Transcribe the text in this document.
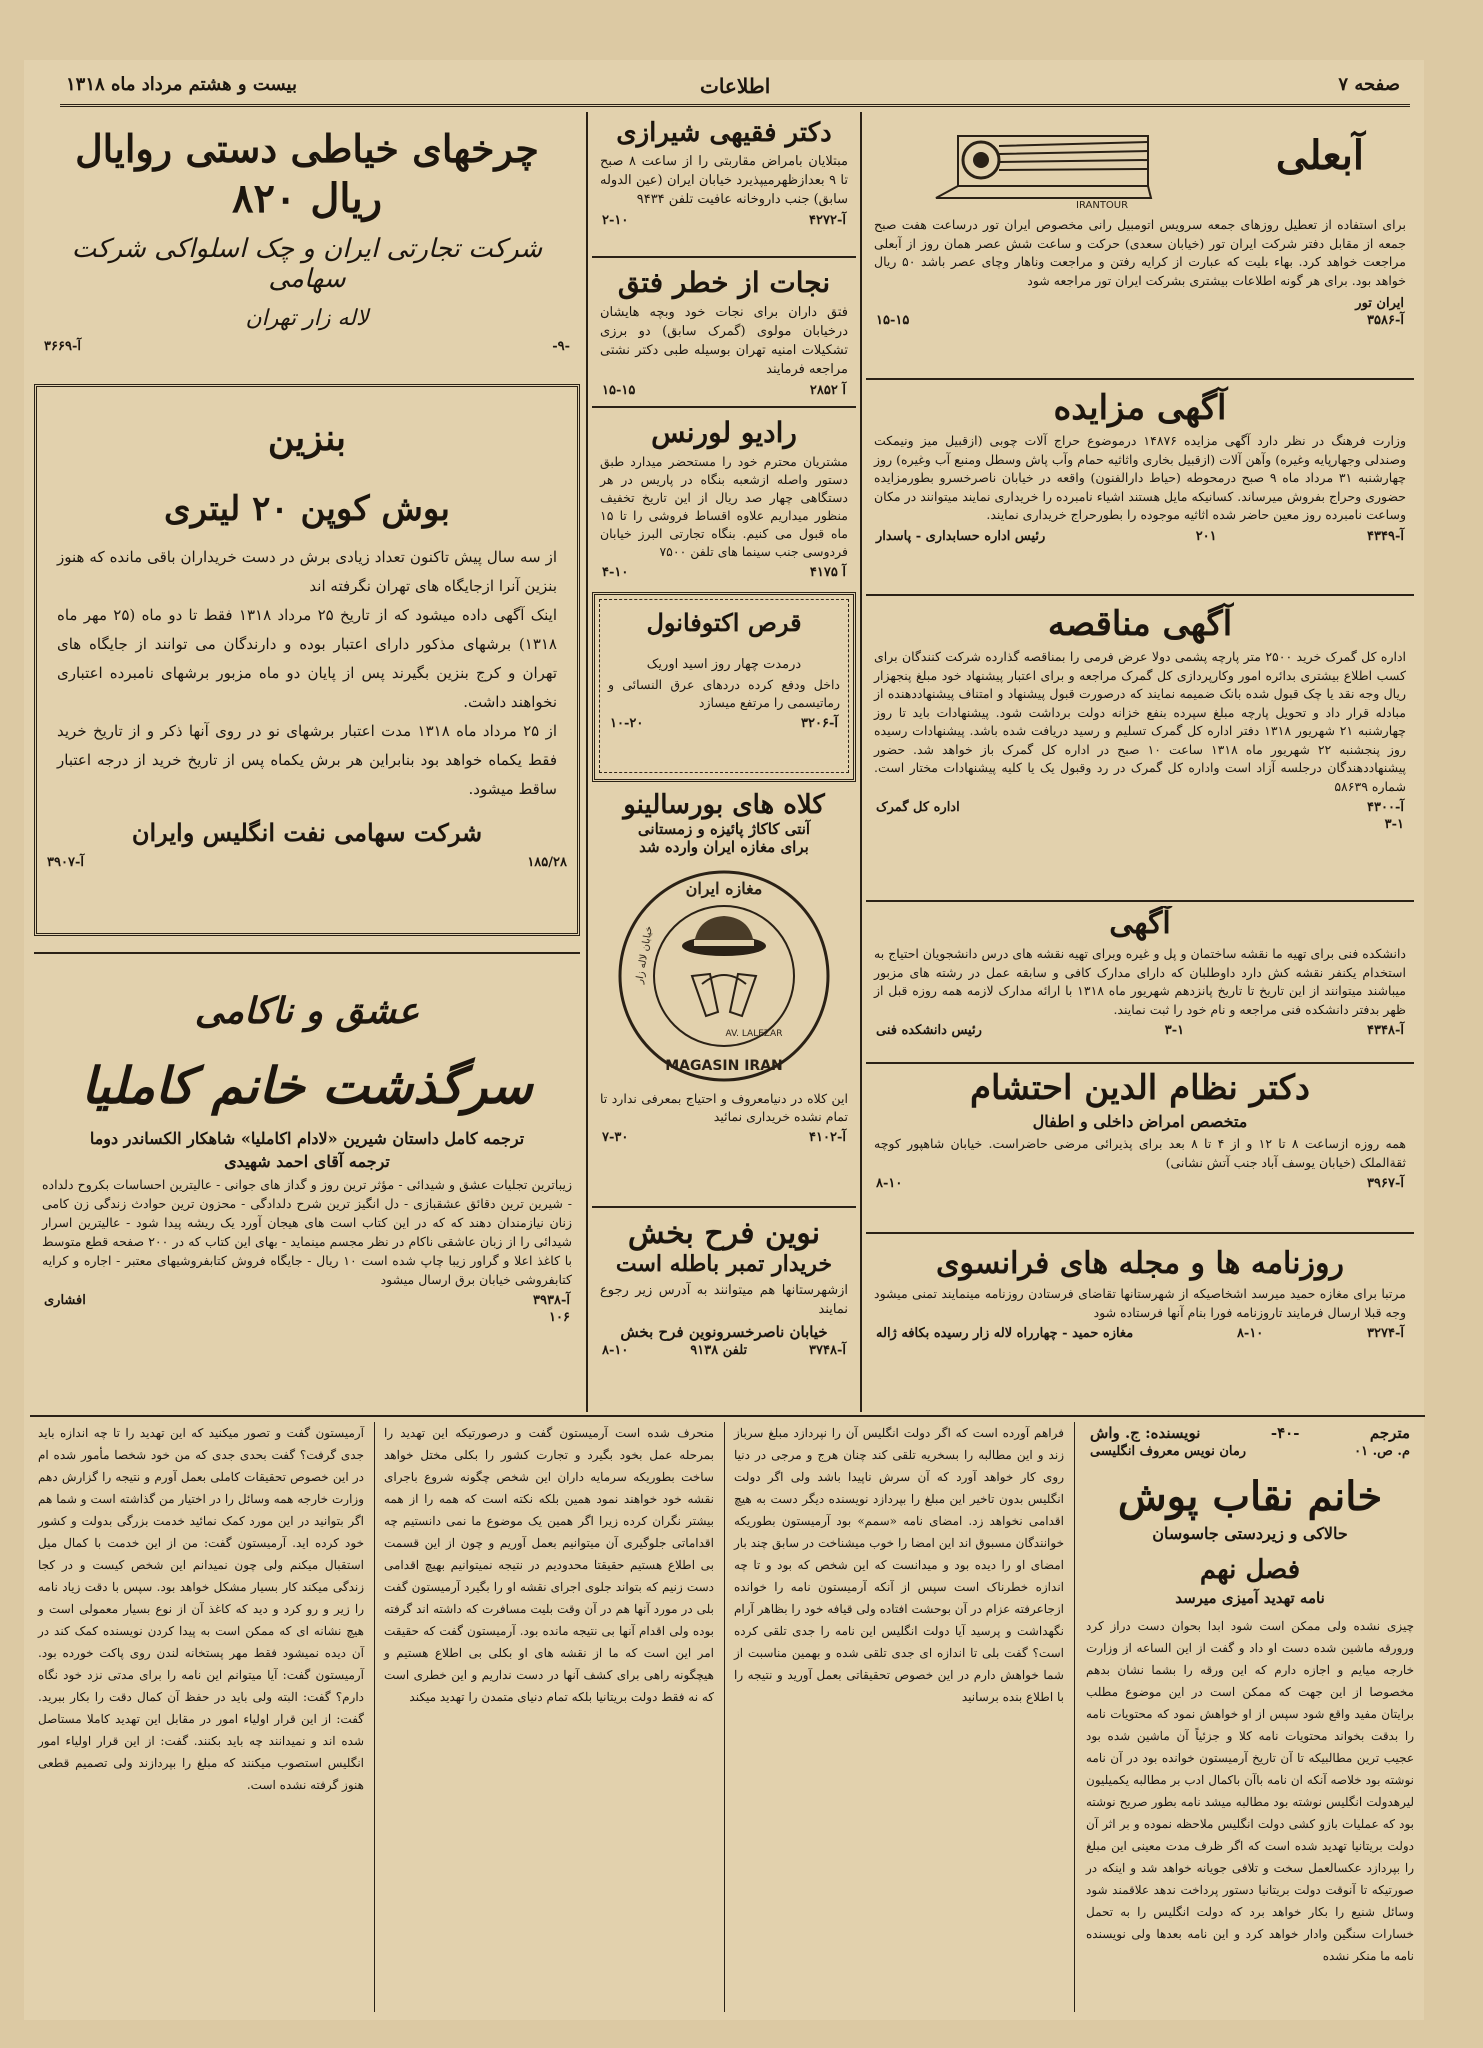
صفحه ۷
اطلاعات
بیست و هشتم مرداد ماه ۱۳۱۸
IRANTOUR
آبعلی

برای استفاده از تعطیل روزهای جمعه سرویس اتومبیل رانی مخصوص ایران تور درساعت هفت صبح جمعه از مقابل دفتر شرکت ایران تور (خیابان سعدی) حرکت و ساعت شش عصر همان روز از آبعلی مراجعت خواهد کرد. بهاء بلیت که عبارت از کرایه رفتن و مراجعت وناهار وچای عصر باشد ۵۰ ریال خواهد بود. برای هر گونه اطلاعات بیشتری بشرکت ایران تور مراجعه شود

ایران تور
آ-۳۵۸۶
۱۵-۱۵
آگهی مزایده

وزارت فرهنگ در نظر دارد آگهی مزایده ۱۴۸۷۶ درموضوع حراج آلات چوبی (ازقبیل میز ونیمکت وصندلی وجهارپایه وغیره) وآهن آلات (ازقبیل بخاری واثاثیه حمام وآب پاش وسطل ومنبع آب وغیره) روز چهارشنبه ۳۱ مرداد ماه ۹ صبح درمحوطه (حیاط دارالفنون) واقعه در خیابان ناصرخسرو بطورمزایده حضوری وحراج بفروش میرساند. کسانیکه مایل هستند اشیاء نامبرده را خریداری نمایند میتوانند در مکان وساعت نامبرده روز معین حاضر شده اثاثیه موجوده را بطورحراج خریداری نمایند.

آ-۴۳۴۹
۲۰۱
رئیس اداره حسابداری - پاسدار
آگهی مناقصه

اداره کل گمرک خرید ۲۵۰۰ متر پارچه پشمی دولا عرض فرمی را بمناقصه گذارده شرکت کنندگان برای کسب اطلاع بیشتری بدائره امور وکارپردازی کل گمرک مراجعه و برای اعتبار پیشنهاد خود مبلغ پنجهزار ریال وجه نقد یا چک قبول شده بانک ضمیمه نمایند که درصورت قبول پیشنهاد و امتناف پیشنهاددهنده از مبادله قرار داد و تحویل پارچه مبلغ سپرده بنفع خزانه دولت برداشت شود. پیشنهادات باید تا روز چهارشنبه ۲۱ شهریور ۱۳۱۸ دفتر اداره کل گمرک تسلیم و رسید دریافت شده باشد. پیشنهادات رسیده روز پنجشنبه ۲۲ شهریور ماه ۱۳۱۸ ساعت ۱۰ صبح در اداره کل گمرک باز خواهد شد. حضور پیشنهاددهندگان درجلسه آزاد است واداره کل گمرک در رد وقبول یک یا کلیه پیشنهادات مختار است. شماره ۵۸۶۳۹

آ-۴۳۰۰
اداره کل گمرک
۳-۱
آگهی

دانشکده فنی برای تهیه ما نقشه ساختمان و پل و غیره وبرای تهیه نقشه های درس دانشجویان احتیاج به استخدام یکنفر نقشه کش دارد داوطلبان که دارای مدارک کافی و سابقه عمل در رشته های مزبور میباشند میتوانند از این تاریخ تا تاریخ پانزدهم شهریور ماه ۱۳۱۸ با ارائه مدارک لازمه همه روزه قبل از ظهر بدفتر دانشکده فنی مراجعه و نام خود را ثبت نمایند.

آ-۴۳۴۸
۳-۱
رئیس دانشکده فنی
دکتر نظام الدین احتشام
متخصص امراض داخلی و اطفال

همه روزه ازساعت ۸ تا ۱۲ و از ۴ تا ۸ بعد برای پذیرائی مرضی حاضراست. خیابان شاهپور کوچه ثقةالملک (خیابان یوسف آباد جنب آتش نشانی)

آ-۳۹۶۷
۸-۱۰
روزنامه ها و مجله های فرانسوی

مرتبا برای مغازه حمید میرسد اشخاصیکه از شهرستانها تقاضای فرستادن روزنامه مینمایند تمنی میشود وجه قبلا ارسال فرمایند تاروزنامه فورا بنام آنها فرستاده شود

آ-۳۲۷۴
۸-۱۰
مغازه حمید - چهارراه لاله زار رسیده بکافه ژاله
دکتر فقیهی شیرازی

مبتلایان بامراض مقاربتی را از ساعت ۸ صبح تا ۹ بعدازظهرمیپذیرد خیابان ایران (عین الدوله سابق) جنب داروخانه عافیت تلفن ۹۴۳۴

آ-۴۲۷۲
۲-۱۰
نجات از خطر فتق

فتق داران برای نجات خود وبچه هایشان درخیابان مولوی (گمرک سابق) دو برزی تشکیلات امنیه تهران بوسیله طبی دکتر نشتی مراجعه فرمایند

آ ۲۸۵۲
۱۵-۱۵
رادیو لورنس

مشتریان محترم خود را مستحضر میدارد طبق دستور واصله ازشعبه بنگاه در پاریس در هر دستگاهی چهار صد ریال از این تاریخ تخفیف منظور میداریم علاوه اقساط فروشی را تا ۱۵ ماه قبول می کنیم. بنگاه تجارتی البرز خیابان فردوسی جنب سینما های تلفن ۷۵۰۰

آ ۴۱۷۵
۴-۱۰
قرص اکتوفانول
درمدت چهار روز اسید اوریک

داخل ودفع کرده دردهای عرق النسائی و رماتیسمی را مرتفع میسازد

آ-۳۲۰۶
۱۰-۲۰
کلاه های بورسالینو
آنتی کاکاژ پائیزه و زمستانی
برای مغازه ایران وارده شد
مغازه ایران
MAGASIN IRAN
AV. LALEZAR
خیابان لاله زار

این کلاه در دنیامعروف و احتیاج بمعرفی ندارد تا تمام نشده خریداری نمائید

آ-۴۱۰۲
۷-۳۰
نوین فرح بخش
خریدار تمبر باطله است

ازشهرستانها هم میتوانند به آدرس زیر رجوع نمایند

خیابان ناصرخسرونوین فرح بخش
آ-۳۷۴۸
تلفن ۹۱۳۸
۸-۱۰
چرخهای خیاطی دستی روایال
۸۲۰ ریال
شرکت تجارتی ایران و چک اسلواکی شرکت سهامی
لاله زار تهران
-۹-
آ-۳۶۶۹
بنزین
بوش کوپن ۲۰ لیتری

از سه سال پیش تاکنون تعداد زیادی برش در دست خریداران باقی مانده که هنوز بنزین آنرا ازجایگاه های تهران نگرفته اند

اینک آگهی داده میشود که از تاریخ ۲۵ مرداد ۱۳۱۸ فقط تا دو ماه (۲۵ مهر ماه ۱۳۱۸) برشهای مذکور دارای اعتبار بوده و دارندگان می توانند از جایگاه های تهران و کرج بنزین بگیرند پس از پایان دو ماه مزبور برشهای نامبرده اعتباری نخواهند داشت.

از ۲۵ مرداد ماه ۱۳۱۸ مدت اعتبار برشهای نو در روی آنها ذکر و از تاریخ خرید فقط یکماه خواهد بود بنابراین هر برش یکماه پس از تاریخ خرید از درجه اعتبار ساقط میشود.

شرکت سهامی نفت انگلیس وایران
۱۸۵/۲۸
آ-۳۹۰۷
عشق و ناکامی
سرگذشت خانم کاملیا
ترجمه کامل داستان شیرین «لادام اکاملیا» شاهکار الکساندر دوما
ترجمه آقای احمد شهیدی

زیباترین تجلیات عشق و شیدائی - مؤثر ترین روز و گداز های جوانی - عالیترین احساسات بکروح دلداده - شیرین ترین دقائق عشقبازی - دل انگیز ترین شرح دلدادگی - محزون ترین حوادث زندگی زن کامی زنان نیازمندان دهند که که در این کتاب است های هیجان آورد یک ریشه پیدا شود - عالیترین اسرار شیدائی را از زبان عاشقی ناکام در نظر مجسم مینماید - بهای این کتاب که در ۲۰۰ صفحه قطع متوسط با کاغذ اعلا و گراور زیبا چاپ شده است ۱۰ ریال - جایگاه فروش کتابفروشیهای معتبر - اجاره و کرایه کتابفروشی خیابان برق ارسال میشود

آ-۳۹۳۸
افشاری
۱۰۶
مترجم
-۴۰-
نویسنده: ج. واش
م. ص. ۰۱
رمان نویس معروف انگلیسی
خانم نقاب پوش
حالاکی و زیردستی جاسوسان
فصل نهم
نامه تهدید آمیزی میرسد

چیزی نشده ولی ممکن است شود ابدا بحوان دست دراز کرد ورورقه ماشین شده دست او داد و گفت از این الساعه از وزارت خارجه میایم و اجازه دارم که این ورقه را بشما نشان بدهم مخصوصا از این جهت که ممکن است در این موضوع مطلب برایتان مفید واقع شود سپس از او خواهش نمود که محتویات نامه را بدقت بخواند محتویات نامه کلا و جزئیاً آن ماشین شده بود عجیب ترین مطالبیکه تا آن تاریخ آرمیستون خوانده بود در آن نامه نوشته بود خلاصه آنکه ان نامه باآن باکمال ادب بر مطالبه یکمیلیون لیرهدولت انگلیس نوشته بود مطالبه میشد نامه بطور صریح نوشته بود که عملیات بازو کشی دولت انگلیس ملاحظه نموده و بر اثر آن دولت بریتانیا تهدید شده است که اگر ظرف مدت معینی این مبلغ را بپردازد عکسالعمل سخت و تلافی جویانه خواهد شد و اینکه در صورتیکه تا آنوقت دولت بریتانیا دستور پرداخت ندهد علاقمند شود وسائل شنیع را بکار خواهد برد که دولت انگلیس را به تحمل خسارات سنگین وادار خواهد کرد و این نامه بعدها ولی نویسنده نامه ما منکر نشده

فراهم آورده است که اگر دولت انگلیس آن را نپردازد مبلغ سرباز زند و این مطالبه را بسخریه تلقی کند چنان هرج و مرجی در دنیا روی کار خواهد آورد که آن سرش ناپیدا باشد ولی اگر دولت انگلیس بدون تاخیر این مبلغ را بپردازد نویسنده دیگر دست به هیچ اقدامی نخواهد زد. امضای نامه «سمم» بود آرمیستون بطوریکه خوانندگان مسبوق اند این امضا را خوب میشناخت در سابق چند بار امضای او را دیده بود و میدانست که این شخص که بود و تا چه اندازه خطرناک است سپس از آنکه آرمیستون نامه را خوانده ازجاعرفته عزام در آن بوحشت افتاده ولی قیافه خود را بظاهر آرام نگهداشت و پرسید آیا دولت انگلیس این نامه را جدی تلقی کرده است؟ گفت بلی تا اندازه ای جدی تلقی شده و بهمین مناسبت از شما خواهش دارم در این خصوص تحقیقاتی بعمل آورید و نتیجه را با اطلاع بنده برسانید

منحرف شده است آرمیستون گفت و درصورتیکه این تهدید را بمرحله عمل بخود بگیرد و تجارت کشور را بکلی مختل خواهد ساخت بطوریکه سرمایه داران این شخص چگونه شروع باجرای نقشه خود خواهند نمود همین بلکه نکته است که همه را از همه بیشتر نگران کرده زیرا اگر همین یک موضوع ما نمی دانستیم چه اقداماتی جلوگیری آن میتوانیم بعمل آوریم و چون از این قسمت بی اطلاع هستیم حقیقتا محدودیم در نتیجه نمیتوانیم بهیچ اقدامی دست زنیم که بتواند جلوی اجرای نقشه او را بگیرد آرمیستون گفت بلی در مورد آنها هم در آن وقت بلیت مسافرت که داشته اند گرفته بوده ولی اقدام آنها بی نتیجه مانده بود. آرمیستون گفت که حقیقت امر این است که ما از نقشه های او بکلی بی اطلاع هستیم و هیچگونه راهی برای کشف آنها در دست نداریم و این خطری است که نه فقط دولت بریتانیا بلکه تمام دنیای متمدن را تهدید میکند

آرمیستون گفت و تصور میکنید که این تهدید را تا چه اندازه باید جدی گرفت؟ گفت بحدی جدی که من خود شخصا مأمور شده ام در این خصوص تحقیقات کاملی بعمل آورم و نتیجه را گزارش دهم وزارت خارجه همه وسائل را در اختیار من گذاشته است و شما هم اگر بتوانید در این مورد کمک نمائید خدمت بزرگی بدولت و کشور خود کرده اید. آرمیستون گفت: من از این خدمت با کمال میل استقبال میکنم ولی چون نمیدانم این شخص کیست و در کجا زندگی میکند کار بسیار مشکل خواهد بود. سپس با دقت زیاد نامه را زیر و رو کرد و دید که کاغذ آن از نوع بسیار معمولی است و هیچ نشانه ای که ممکن است به پیدا کردن نویسنده کمک کند در آن دیده نمیشود فقط مهر پستخانه لندن روی پاکت خورده بود. آرمیستون گفت: آیا میتوانم این نامه را برای مدتی نزد خود نگاه دارم؟ گفت: البته ولی باید در حفظ آن کمال دقت را بکار ببرید. گفت: از این قرار اولیاء امور در مقابل این تهدید کاملا مستاصل شده اند و نمیدانند چه باید بکنند. گفت: از این قرار اولیاء امور انگلیس استصوب میکنند که مبلغ را بپردازند ولی تصمیم قطعی هنوز گرفته نشده است.
